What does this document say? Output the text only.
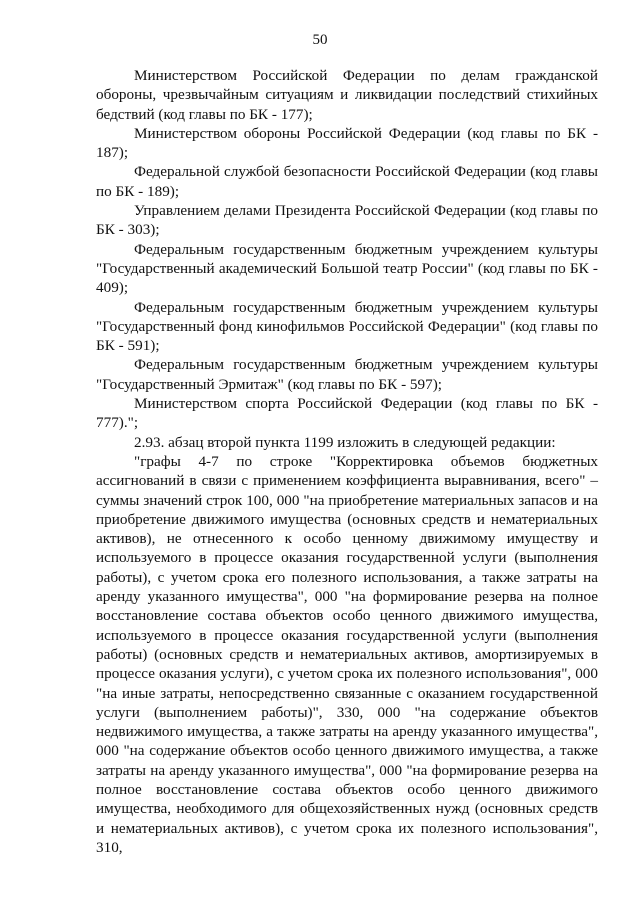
50

Министерством Российской Федерации по делам гражданской обороны, чрезвычайным ситуациям и ликвидации последствий стихийных бедствий (код главы по БК - 177);

Министерством обороны Российской Федерации (код главы по БК - 187);

Федеральной службой безопасности Российской Федерации (код главы по БК - 189);

Управлением делами Президента Российской Федерации (код главы по БК - 303);

Федеральным государственным бюджетным учреждением культуры "Государственный академический Большой театр России" (код главы по БК - 409);

Федеральным государственным бюджетным учреждением культуры "Государственный фонд кинофильмов Российской Федерации" (код главы по БК - 591);

Федеральным государственным бюджетным учреждением культуры "Государственный Эрмитаж" (код главы по БК - 597);

Министерством спорта Российской Федерации (код главы по БК - 777).";

2.93. абзац второй пункта 1199 изложить в следующей редакции:

"графы 4-7 по строке "Корректировка объемов бюджетных ассигнований в связи с применением коэффициента выравнивания, всего" – суммы значений строк 100, 000 "на приобретение материальных запасов и на приобретение движимого имущества (основных средств и нематериальных активов), не отнесенного к особо ценному движимому имуществу и используемого в процессе оказания государственной услуги (выполнения работы), с учетом срока его полезного использования, а также затраты на аренду указанного имущества", 000 "на формирование резерва на полное восстановление состава объектов особо ценного движимого имущества, используемого в процессе оказания государственной услуги (выполнения работы) (основных средств и нематериальных активов, амортизируемых в процессе оказания услуги), с учетом срока их полезного использования", 000 "на иные затраты, непосредственно связанные с оказанием государственной услуги (выполнением работы)", 330, 000 "на содержание объектов недвижимого имущества, а также затраты на аренду указанного имущества", 000 "на содержание объектов особо ценного движимого имущества, а также затраты на аренду указанного имущества", 000 "на формирование резерва на полное восстановление состава объектов особо ценного движимого имущества, необходимого для общехозяйственных нужд (основных средств и нематериальных активов), с учетом срока их полезного использования", 310,
